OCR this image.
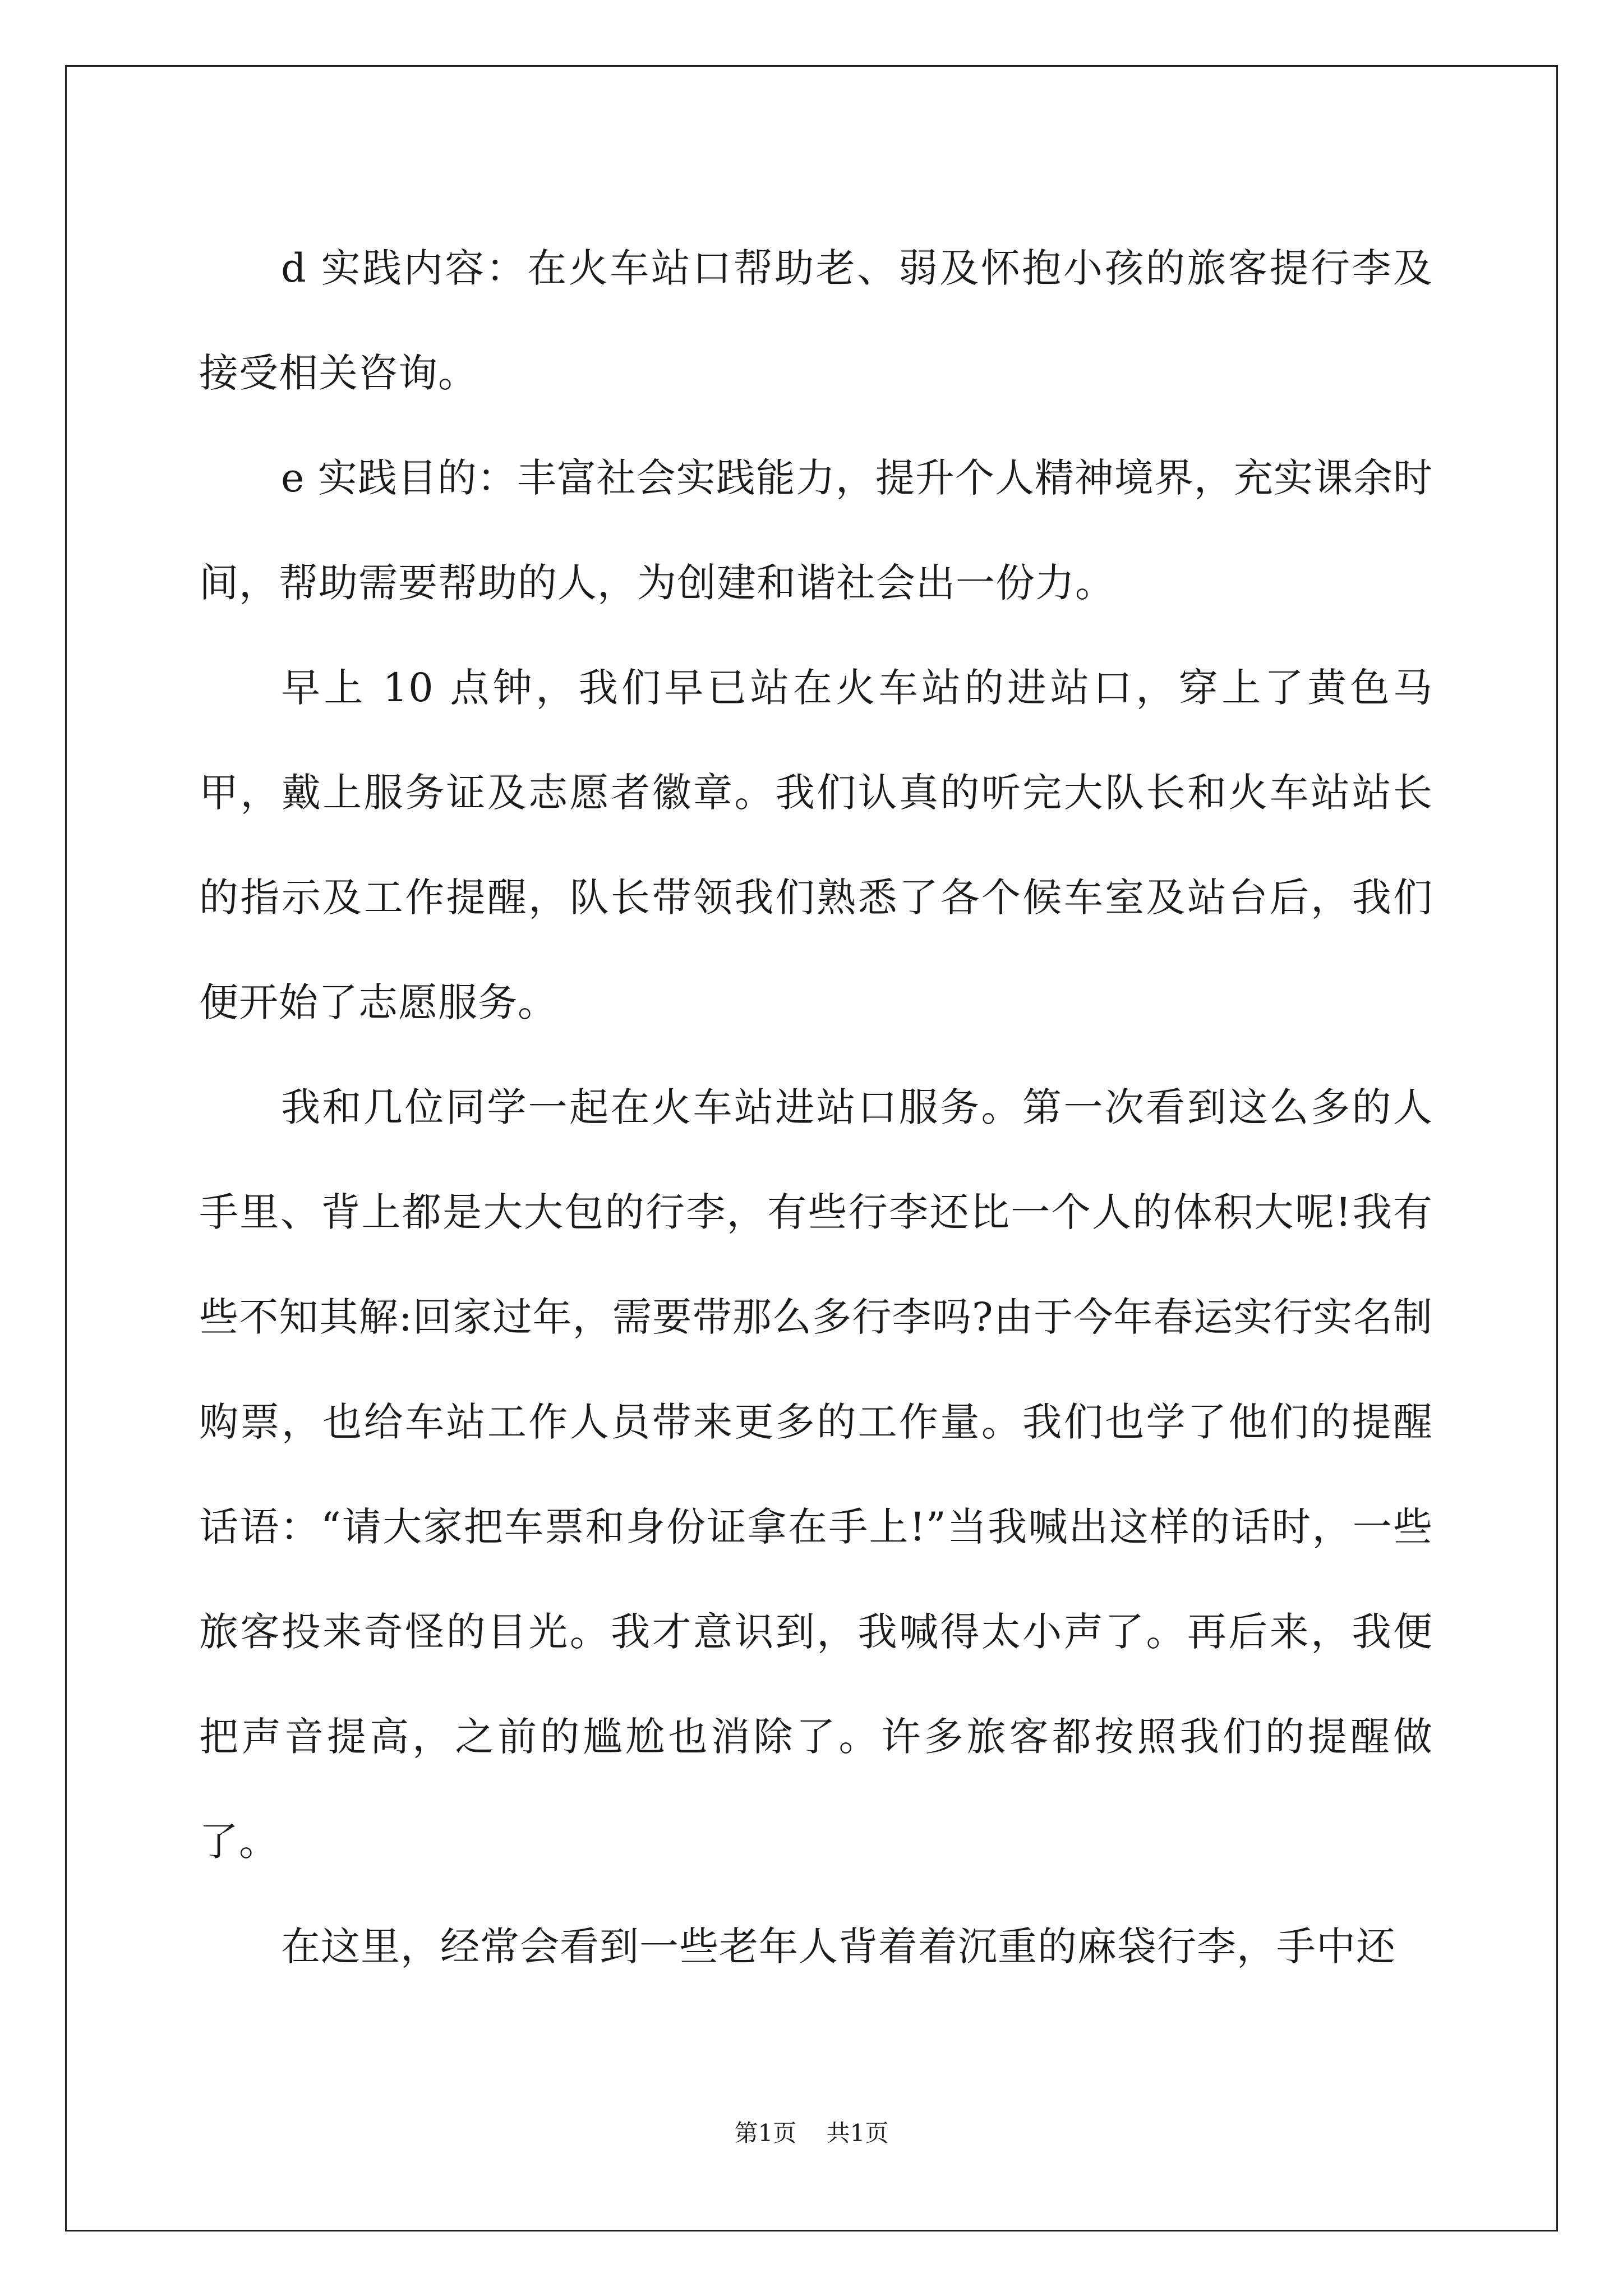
d 实践内容：在火车站口帮助老、弱及怀抱小孩的旅客提行李及接受相关咨询。

e 实践目的：丰富社会实践能力，提升个人精神境界，充实课余时间，帮助需要帮助的人，为创建和谐社会出一份力。

早上 10 点钟，我们早已站在火车站的进站口，穿上了黄色马甲，戴上服务证及志愿者徽章。我们认真的听完大队长和火车站站长的指示及工作提醒，队长带领我们熟悉了各个候车室及站台后，我们便开始了志愿服务。

我和几位同学一起在火车站进站口服务。第一次看到这么多的人手里、背上都是大大包的行李，有些行李还比一个人的体积大呢!我有些不知其解:回家过年，需要带那么多行李吗?由于今年春运实行实名制购票，也给车站工作人员带来更多的工作量。我们也学了他们的提醒话语：“请大家把车票和身份证拿在手上!”当我喊出这样的话时，一些旅客投来奇怪的目光。我才意识到，我喊得太小声了。再后来，我便把声音提高，之前的尴尬也消除了。许多旅客都按照我们的提醒做了。

在这里，经常会看到一些老年人背着着沉重的麻袋行李，手中还

第1页 共1页
